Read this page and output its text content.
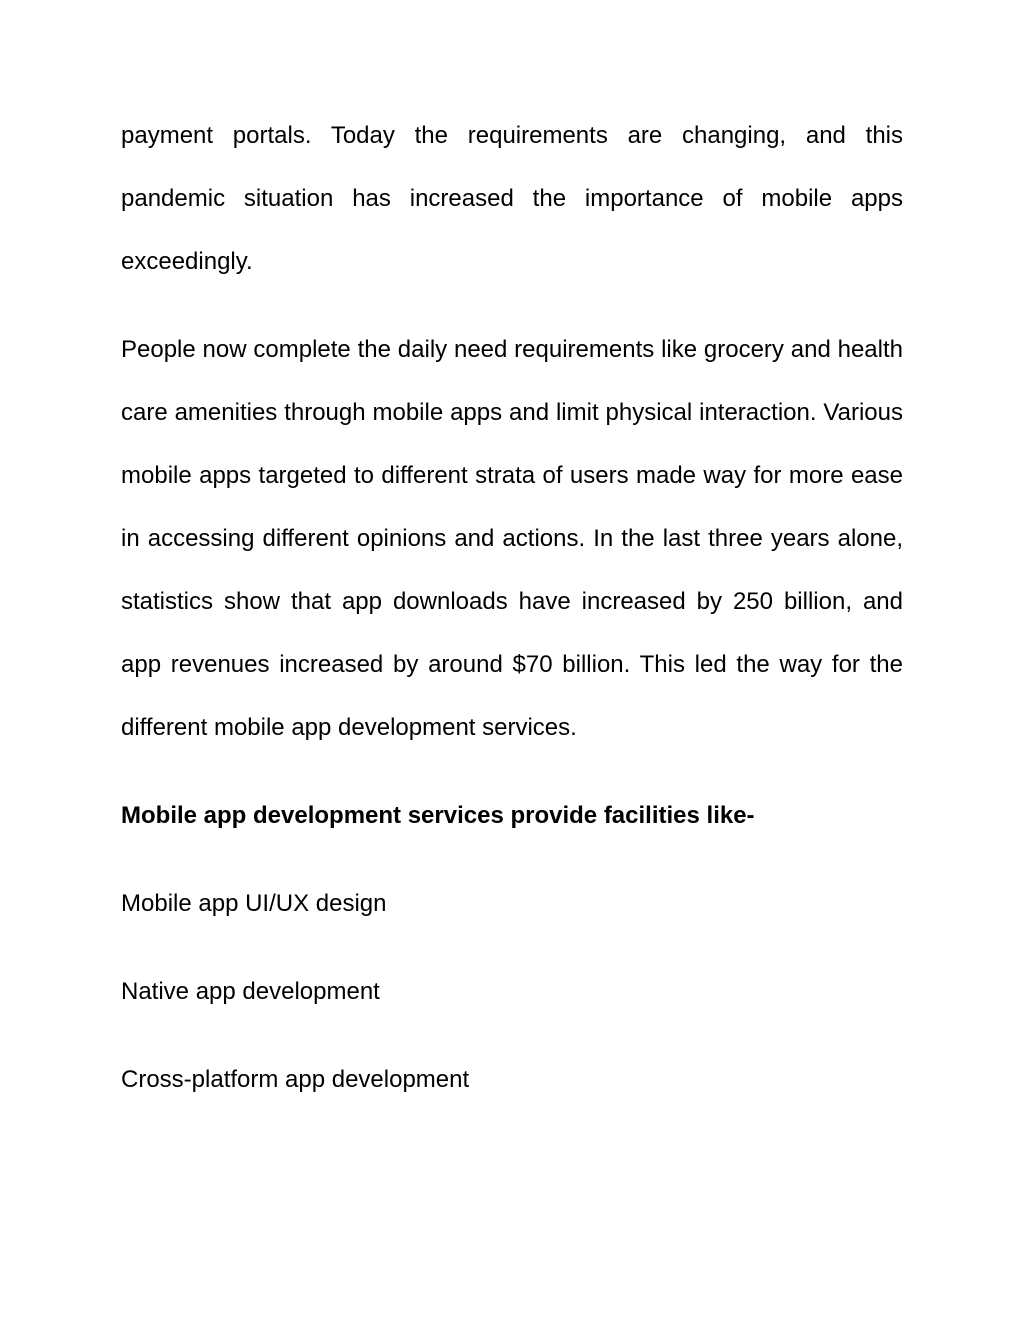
payment portals. Today the requirements are changing, and this pandemic situation has increased the importance of mobile apps exceedingly.

People now complete the daily need requirements like grocery and health care amenities through mobile apps and limit physical interaction. Various mobile apps targeted to different strata of users made way for more ease in accessing different opinions and actions. In the last three years alone, statistics show that app downloads have increased by 250 billion, and app revenues increased by around $70 billion. This led the way for the different mobile app development services.

Mobile app development services provide facilities like-

Mobile app UI/UX design

Native app development

Cross-platform app development
